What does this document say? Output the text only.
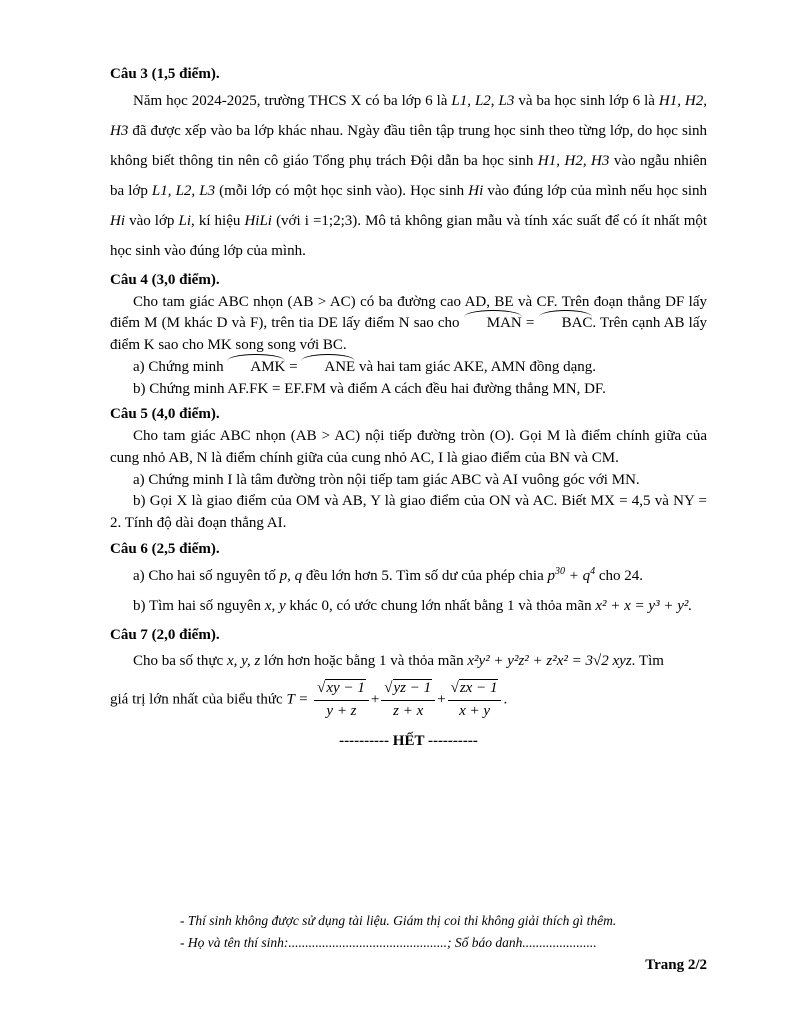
Câu 3 (1,5 điểm).

Năm học 2024-2025, trường THCS X có ba lớp 6 là L1, L2, L3 và ba học sinh lớp 6 là H1, H2, H3 đã được xếp vào ba lớp khác nhau. Ngày đầu tiên tập trung học sinh theo từng lớp, do học sinh không biết thông tin nên cô giáo Tổng phụ trách Đội dẫn ba học sinh H1, H2, H3 vào ngẫu nhiên ba lớp L1, L2, L3 (mỗi lớp có một học sinh vào). Học sinh Hi vào đúng lớp của mình nếu học sinh Hi vào lớp Li, kí hiệu HiLi (với i =1;2;3). Mô tả không gian mẫu và tính xác suất để có ít nhất một học sinh vào đúng lớp của mình.

Câu 4 (3,0 điểm).

Cho tam giác ABC nhọn (AB > AC) có ba đường cao AD, BE và CF. Trên đoạn thẳng DF lấy điểm M (M khác D và F), trên tia DE lấy điểm N sao cho MAN = BAC. Trên cạnh AB lấy điểm K sao cho MK song song với BC.

a) Chứng minh AMK = ANE và hai tam giác AKE, AMN đồng dạng.

b) Chứng minh AF.FK = EF.FM và điểm A cách đều hai đường thẳng MN, DF.

Câu 5 (4,0 điểm).

Cho tam giác ABC nhọn (AB > AC) nội tiếp đường tròn (O). Gọi M là điểm chính giữa của cung nhỏ AB, N là điểm chính giữa của cung nhỏ AC, I là giao điểm của BN và CM.

a) Chứng minh I là tâm đường tròn nội tiếp tam giác ABC và AI vuông góc với MN.

b) Gọi X là giao điểm của OM và AB, Y là giao điểm của ON và AC. Biết MX = 4,5 và NY = 2. Tính độ dài đoạn thẳng AI.

Câu 6 (2,5 điểm).

a) Cho hai số nguyên tố p, q đều lớn hơn 5. Tìm số dư của phép chia $p^{30} + q^4$ cho 24.

b) Tìm hai số nguyên x, y khác 0, có ước chung lớn nhất bằng 1 và thỏa mãn x² + x = y³ + y².

Câu 7 (2,0 điểm).

Cho ba số thực x, y, z lớn hơn hoặc bằng 1 và thỏa mãn x²y² + y²z² + z²x² = 3√2 xyz. Tìm

giá trị lớn nhất của biểu thức $T = \frac{√xy - 1}{y + z} + \frac{√yz - 1}{z + x} + \frac{√zx - 1}{x + y}$ .

---------- HẾT ----------

- Thí sinh không được sử dụng tài liệu. Giám thị coi thi không giải thích gì thêm.
- Họ và tên thí sinh:...............................................; Số báo danh......................
Trang 2/2
